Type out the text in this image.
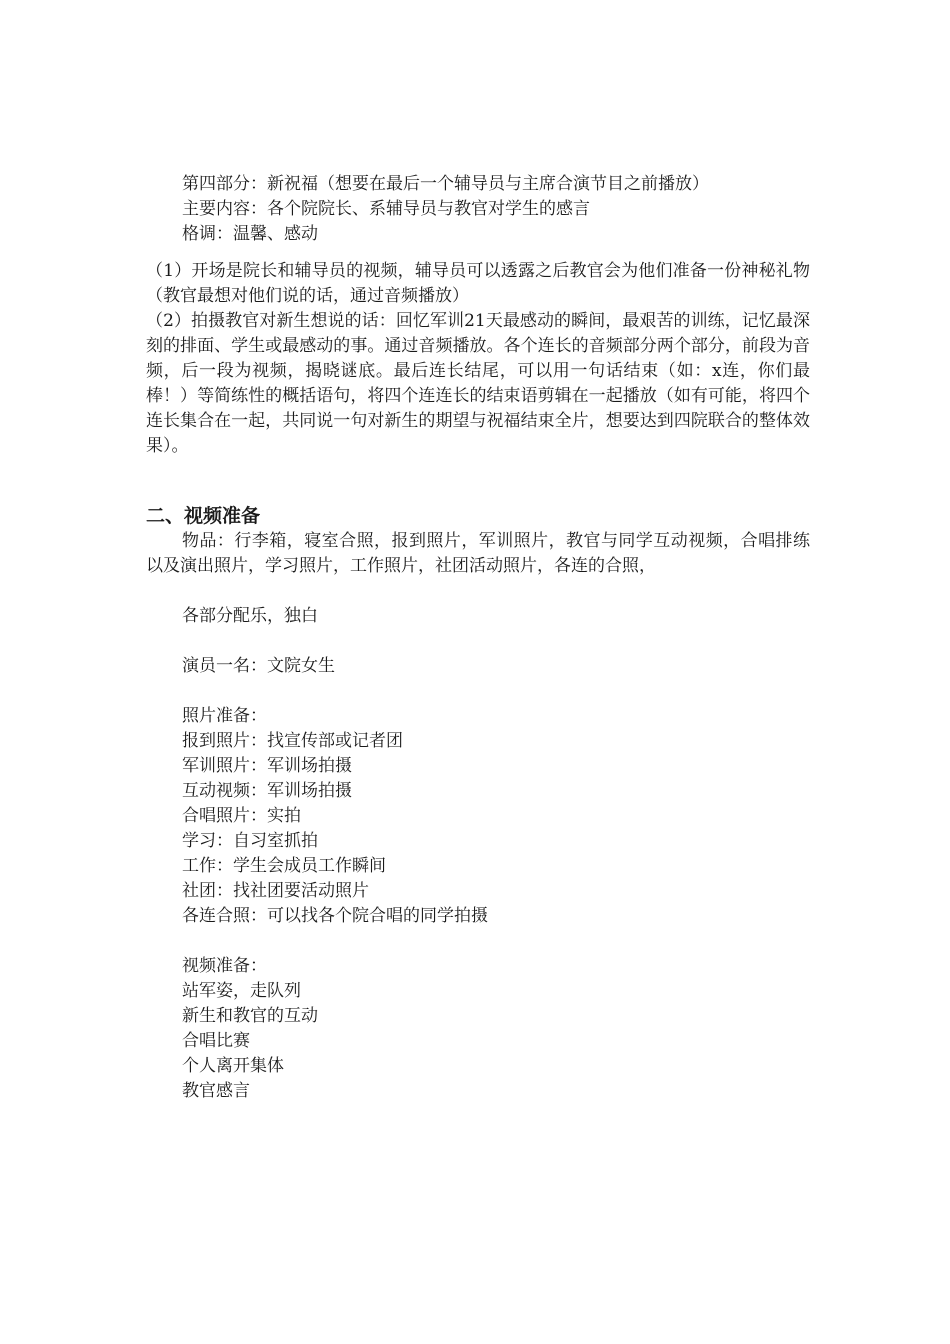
第四部分：新祝福（想要在最后一个辅导员与主席合演节目之前播放）
主要内容：各个院院长、系辅导员与教官对学生的感言
格调：温馨、感动
（1）开场是院长和辅导员的视频，辅导员可以透露之后教官会为他们准备一份神秘礼物（教官最想对他们说的话，通过音频播放）
（2）拍摄教官对新生想说的话：回忆军训21天最感动的瞬间，最艰苦的训练，记忆最深刻的排面、学生或最感动的事。通过音频播放。各个连长的音频部分两个部分，前段为音频，后一段为视频，揭晓谜底。最后连长结尾，可以用一句话结束（如：x连，你们最棒！）等简练性的概括语句，将四个连连长的结束语剪辑在一起播放（如有可能，将四个连长集合在一起，共同说一句对新生的期望与祝福结束全片，想要达到四院联合的整体效果）。
二、视频准备
物品：行李箱，寝室合照，报到照片，军训照片，教官与同学互动视频，合唱排练以及演出照片，学习照片，工作照片，社团活动照片，各连的合照，
各部分配乐，独白
演员一名：文院女生
照片准备：
报到照片：找宣传部或记者团
军训照片：军训场拍摄
互动视频：军训场拍摄
合唱照片：实拍
学习：自习室抓拍
工作：学生会成员工作瞬间
社团：找社团要活动照片
各连合照：可以找各个院合唱的同学拍摄
视频准备：
站军姿，走队列
新生和教官的互动
合唱比赛
个人离开集体
教官感言
